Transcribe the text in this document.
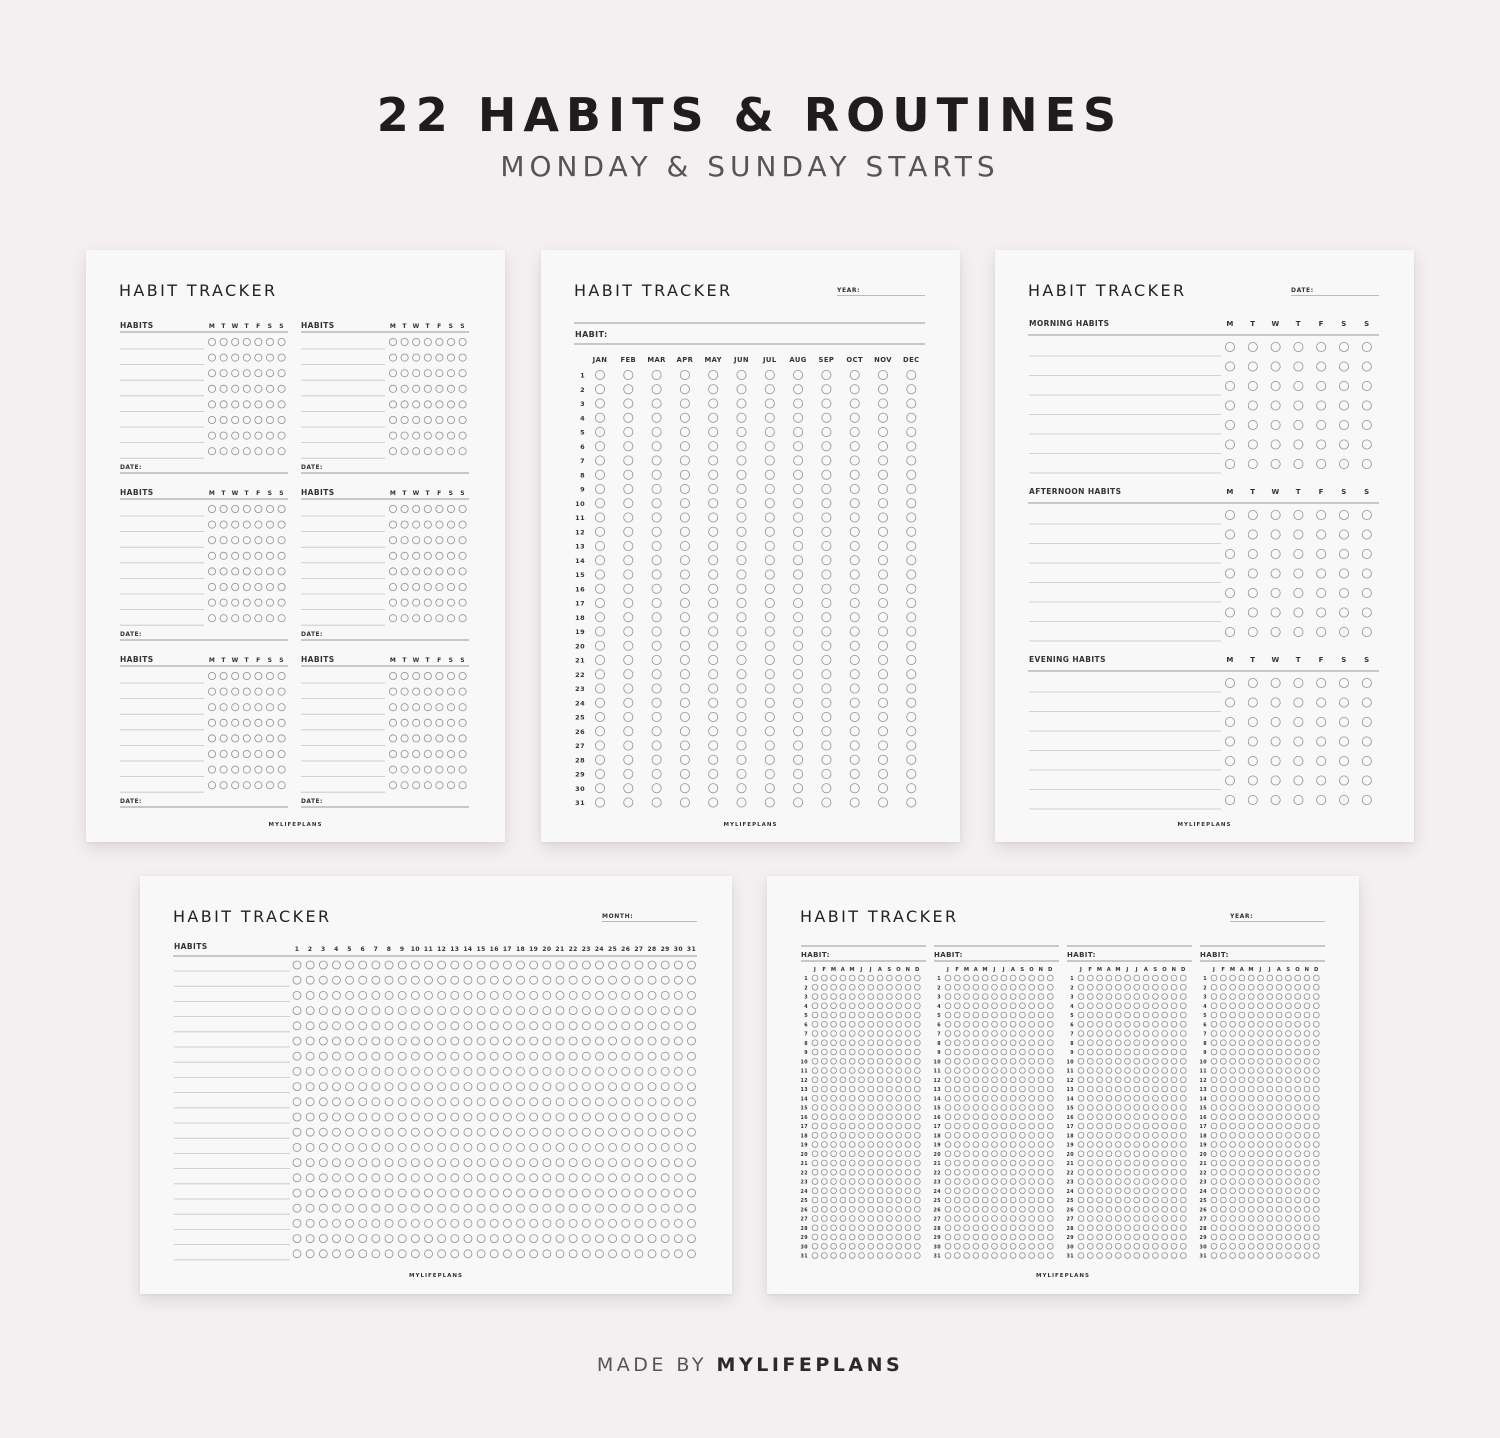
22 HABITS & ROUTINES
MONDAY & SUNDAY STARTS
HABIT TRACKER
HABITS	M T W T F S S
DATE:
HABITS	M T W T F S S
DATE:
HABITS	M T W T F S S
DATE:
HABITS	M T W T F S S
DATE:
HABITS	M T W T F S S
DATE:
HABITS	M T W T F S S
DATE:
MYLIFEPLANS
HABIT TRACKER	YEAR:
HABIT:
JAN FEB MAR APR MAY JUN JUL AUG SEP OCT NOV DEC
1
2
3
4
5
6
7
8
9
10
11
12
13
14
15
16
17
18
19
20
21
22
23
24
25
26
27
28
29
30
31
MYLIFEPLANS
HABIT TRACKER	DATE:
MORNING HABITS	M T W T	F S S
AFTERNOON HABITS	M T W T	F S S
EVENING HABITS	M T W T	F S S
MYLIFEPLANS
HABIT TRACKER	MONTH:
HABITS	1 2 3 4 5 6 7 8 9 10 11 12 13 14 15 16 17 18 19 20 21 22 23 24 25 26 27 28 29 30 31
MYLIFEPLANS
HABIT TRACKER	YEAR:
HABIT:
J F M A M J J A S O N D
1
2
3
4
5
6
7
8
9
10
11
12
13
14
15
16
17
18
19
20
21
22
23
24
25
26
27
28
29
30
31
HABIT:
J F M A M J J A S O N D
1
2
3
4
5
6
7
8
9
10
11
12
13
14
15
16
17
18
19
20
21
22
23
24
25
26
27
28
29
30
31
HABIT:
J F M A M J J A S O N D
1
2
3
4
5
6
7
8
9
10
11
12
13
14
15
16
17
18
19
20
21
22
23
24
25
26
27
28
29
30
31
HABIT:
J F M A M J J A S O N D
1
2
3
4
5
6
7
8
9
10
11
12
13
14
15
16
17
18
19
20
21
22
23
24
25
26
27
28
29
30
31
MYLIFEPLANS
MADE BY MYLIFEPLANS
